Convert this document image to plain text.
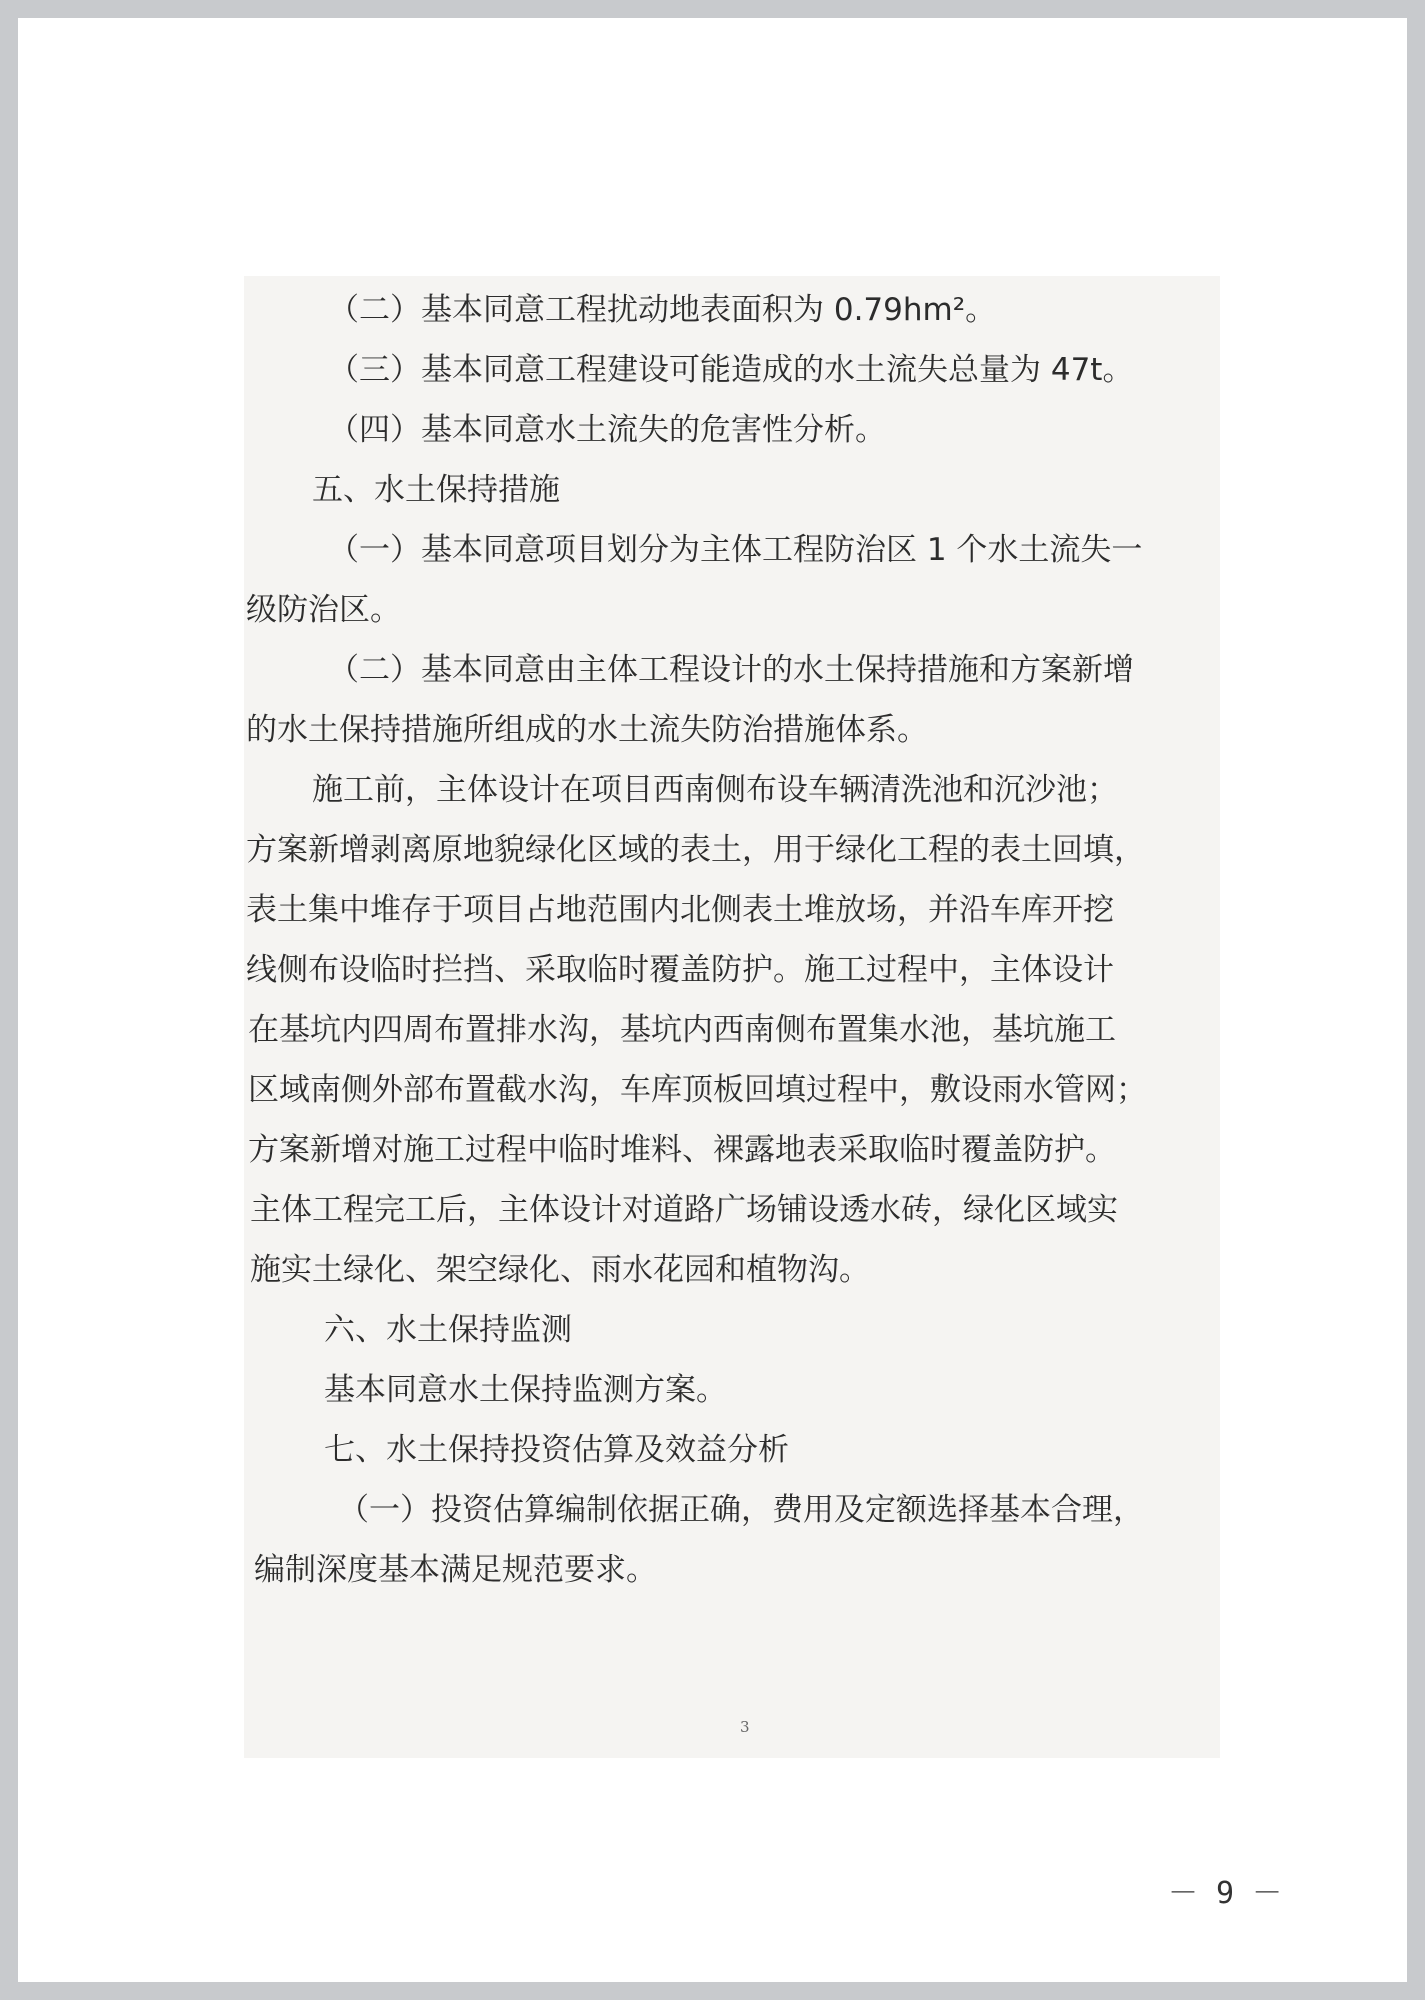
（二）基本同意工程扰动地表面积为 0.79hm²。

（三）基本同意工程建设可能造成的水土流失总量为 47t。

（四）基本同意水土流失的危害性分析。

五、水土保持措施

（一）基本同意项目划分为主体工程防治区 1 个水土流失一

级防治区。

（二）基本同意由主体工程设计的水土保持措施和方案新增

的水土保持措施所组成的水土流失防治措施体系。

施工前，主体设计在项目西南侧布设车辆清洗池和沉沙池；

方案新增剥离原地貌绿化区域的表土，用于绿化工程的表土回填，

表土集中堆存于项目占地范围内北侧表土堆放场，并沿车库开挖

线侧布设临时拦挡、采取临时覆盖防护。施工过程中，主体设计

在基坑内四周布置排水沟，基坑内西南侧布置集水池，基坑施工

区域南侧外部布置截水沟，车库顶板回填过程中，敷设雨水管网；

方案新增对施工过程中临时堆料、裸露地表采取临时覆盖防护。

主体工程完工后，主体设计对道路广场铺设透水砖，绿化区域实

施实土绿化、架空绿化、雨水花园和植物沟。

六、水土保持监测

基本同意水土保持监测方案。

七、水土保持投资估算及效益分析

（一）投资估算编制依据正确，费用及定额选择基本合理，

编制深度基本满足规范要求。

3
－ 9 －
